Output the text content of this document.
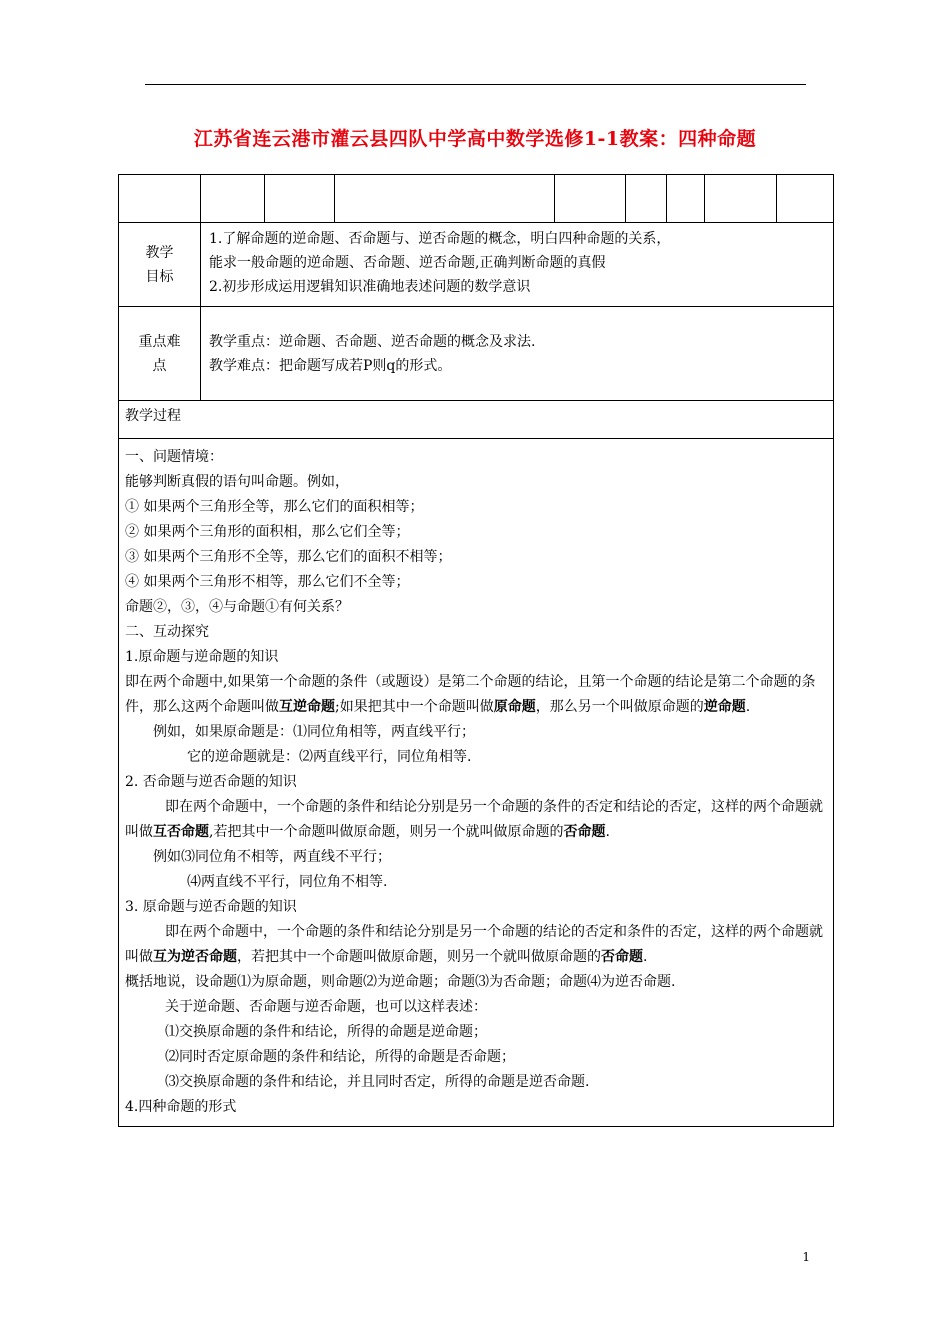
江苏省连云港市灌云县四队中学高中数学选修1-1教案：四种命题
教学
目标

1.了解命题的逆命题、否命题与、逆否命题的概念，明白四种命题的关系，

能求一般命题的逆命题、否命题、逆否命题,正确判断命题的真假

2.初步形成运用逻辑知识准确地表述问题的数学意识

重点难
点

教学重点：逆命题、否命题、逆否命题的概念及求法.

教学难点：把命题写成若P则q的形式。

教学过程

一、问题情境：

能够判断真假的语句叫命题。例如，

① 如果两个三角形全等，那么它们的面积相等；

② 如果两个三角形的面积相，那么它们全等；

③ 如果两个三角形不全等，那么它们的面积不相等；

④ 如果两个三角形不相等，那么它们不全等；

命题②，③，④与命题①有何关系？

二、互动探究

1.原命题与逆命题的知识

即在两个命题中,如果第一个命题的条件（或题设）是第二个命题的结论，且第一个命题的结论是第二个命题的条件，那么这两个命题叫做互逆命题;如果把其中一个命题叫做原命题，那么另一个叫做原命题的逆命题.

例如，如果原命题是：⑴同位角相等，两直线平行；

它的逆命题就是：⑵两直线平行，同位角相等.

2. 否命题与逆否命题的知识

即在两个命题中，一个命题的条件和结论分别是另一个命题的条件的否定和结论的否定，这样的两个命题就叫做互否命题,若把其中一个命题叫做原命题，则另一个就叫做原命题的否命题.

例如⑶同位角不相等，两直线不平行；

⑷两直线不平行，同位角不相等.

3. 原命题与逆否命题的知识

即在两个命题中，一个命题的条件和结论分别是另一个命题的结论的否定和条件的否定，这样的两个命题就叫做互为逆否命题，若把其中一个命题叫做原命题，则另一个就叫做原命题的否命题.

概括地说，设命题⑴为原命题，则命题⑵为逆命题；命题⑶为否命题；命题⑷为逆否命题.

关于逆命题、否命题与逆否命题，也可以这样表述：

⑴交换原命题的条件和结论，所得的命题是逆命题；

⑵同时否定原命题的条件和结论，所得的命题是否命题；

⑶交换原命题的条件和结论，并且同时否定，所得的命题是逆否命题.

4.四种命题的形式

1
